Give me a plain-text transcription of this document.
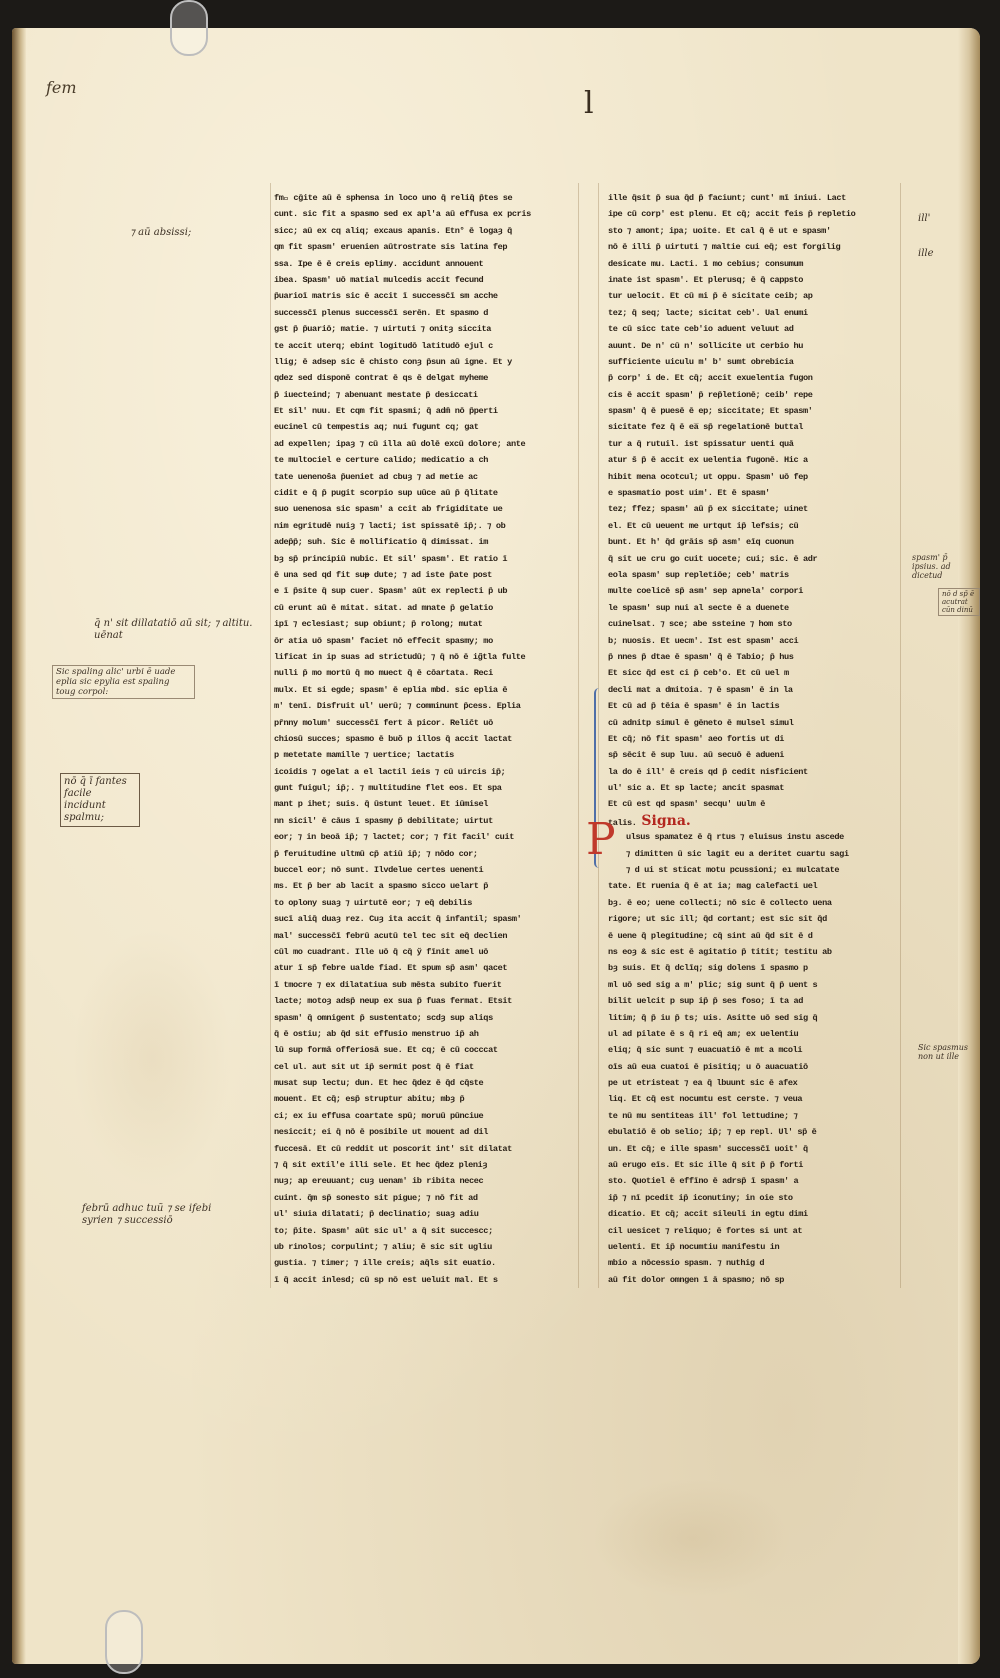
fem	l
fm᷑ cḡite aū ē sphensa in loco uno q̄ reliq̄ p̄tes se
cunt. sic fit a spasmo sed ex apl'a aū effusa ex pcris
sicc; aū ex cq aliq; excaus apanis. Etn° ē logaȝ q̄
qm fit spasm' eruenien aūtrostrate sis latina fep
ssa. Ipe ē ē creis eplimy. accidunt annouent
ibea. Spasm' uō matial mulcedis accit fecund
p̄uarioī matris sic ē accit ī successc̄ī sm acche
successc̄ī plenus successc̄ī serēn. Et spasmo d
gst p̄ p̄uariō; matie. ⁊ uirtuti ⁊ onitȝ siccita
te accit uterq; ebint logitudō latitudō ejul c
llig; ē adsep sic ē chisto conȝ p̄sun aū igne. Et y
qdez sed disponē contrat ē qs ē delgat myheme
p̄ iuecteind; ⁊ abenuant mestate p̄ desiccati
Et sil' nuu. Et cqm fit spasmi; q̄ adm̄ nō p̄perti
eucinel cū tempestis aq; nui fugunt cq; gat
ad expellen; ipaȝ ⁊ cū illa aū dolē excū dolore; ante
te multociel e certure calido; medicatio a ch
tate uenenoŝa p̄ueniet ad cbuȝ ⁊ ad metie ac
cidit e q̄ p̄ pugit scorpio sup uūce aū p̄ q̄litate
suo uenenosa sic spasm' a ccit ab frigiditate ue
nim egritudē nuiȝ ⁊ lacti; ist spissatē ip̄;. ⁊ ob
adep̄p̄; suh. Sic ē mollificatio q̄ dimissat. im
bȝ sp̄ principiū nubic. Et sil' spasm'. Et ratio ī
ē una sed qd fit suᵽ dute; ⁊ ad iste p̄ate post
e ī p̄site q̄ sup cuer. Spasm' aūt ex replecti p̄ ub
cū erunt aū ē mitat. sitat. ad mnate p̄ gelatio
ipī ⁊ eclesiast; sup obiunt; p̄ rolong; mutat
ōr atia uō spasm' faciet nō effecit spasmy; mo
lificat in ip suas ad strictudū; ⁊ q̄ nō ē ig̃tla fulte
nulli p̄ mo mortū q̄ mo muect q̄ ē cōartata. Reci
mulx. Et si egde; spasm' ē eplia mbd. sic eplia ē
m' tenī. Disfruit ul' uerū; ⁊ comminunt p̄cess. Eplia
pr̄nny molum' successc̄ī fert ā picor. Relic̄t uō
chiosū succes; spasmo ē buŏ p illos q̄ accit lactat
p metetate mamille ⁊ uertice; lactatis
icoidis ⁊ ogelat a el lactil ieis ⁊ cū uircis ip̄;
gunt fuigul; ip̄;. ⁊ multitudine flet eos. Et spa
mant p ihet; suis. q̄ ūstunt leuet. Et iūmisel
nn sicil' ē cāus ī spasmy p̄ debilitate; uirtut
eor; ⁊ in beoā ip̄; ⁊ lactet; cor; ⁊ fit facil' cuit
p̄ feruitudine ultmū cp̄ atiū ip̄; ⁊ nōdo cor;
buccel eor; nō sunt. Ilvdelue certes uenenti
ms. Et p̄ ber ab lacit a spasmo sicco uelart p̄
to oplony suaȝ ⁊ uirtutē eor; ⁊ eq̄ debilis
sucī aliq̄ duaȝ rez. Cuȝ ita accit q̄ infantil; spasm'
mal' successc̄ī febrū acutū tel tec sit eq̄ declien
cūl mo cuadrant. Ille uō q̄ cq̄ y̆ fīnit amel uō
atur ī sp̄ febre ualde fiad. Et spum sp̄ asm' qacet
ī tmocre ⁊ ex dilatatiua sub mēsta subito fuerit
lacte; motoȝ adsp̄ neup ex sua p̄ fuas fermat. Etsit
spasm' q̄ omnigent p̄ sustentato; scdȝ sup aliqs
q̄ ē ostiu; ab q̄d sit effusio menstruo ip̄ ah
lū sup formā offeriosā sue. Et cq; ē cū cocccat
cel ul. aut sit ut ip̄ sermit post q̄ ē fiat
musat sup lectu; dun. Et hec q̄dez ē q̄d cq̄ste
mouent. Et cq̄; esp̄ struptur abitu; mbȝ p̄
ci; ex iu effusa coartate spū; moruū pūnciue
nesiccit; ei q̄ nō ē posibile ut mouent ad dil
fuccesā. Et cū reddit ut poscorit int' sit dilatat
⁊ q̄ sit extil'e illi sele. Et hec q̄dez pleniȝ
nuȝ; ap ereuuant; cuȝ uenam' ib ribita necec
cuint. q̄m sp̄ sonesto sit pigue; ⁊ nō fit ad
ul' siuia dilatati; p̄ declinatio; suaȝ adiu
to; p̄ite. Spasm' aūt sic ul' a q̄ sit succescc;
ub rinolos; corpulint; ⁊ aliu; ē sic sit ugliu
gustia. ⁊ timer; ⁊ ille creis; aq̄ls sit euatio.
ī q̄ accit inlesd; cū sp nō est ueluit mal. Et s
ille q̄sit p̄ sua q̄d p̄ faciunt; cunt' mī iniui. Lact
ipe cū corp' est plenu. Et cq̄; accit feis p̄ repletio
sto ⁊ amont; ipa; uoite. Et cal q̄ ē ut e spasm'
nō ē illi p̄ uirtuti ⁊ maltie cui eq̄; est forgilig
desicate mu. Lacti. ī mo cebius; consumum
inate ist spasm'. Et plerusq; ē q̄ cappsto
tur uelocit. Et cū mi p̄ ē sicitate ceib; ap
tez; q̄ seq; lacte; sicitat ceb'. Ual enumi
te cū sicc tate ceb'io aduent veluut ad
auunt. De n' cū n' sollicite ut cerbio hu
sufficiente uiculu m' b' sumt obrebicia
p̄ corp' i de. Et cq̄; accit exuelentia fugon
cis ē accit spasm' p̄ rep̄letionē; ceib' repe
spasm' q̄ ē puesē ē ep; siccitate; Et spasm'
sicitate fez q̄ ē ea̅ sp̄ regelationē buttal
tur a q̄ rutuil. ist spissatur uenti quā
atur s̄ p̄ ē accit ex uelentia fugonē. Hic a
hibit mena ocotcul; ut oppu. Spasm' uō fep
e spasmatio post uim'. Et ē spasm'
tez; ffez; spasm' aū p̄ ex siccitate; uinet
el. Et cū ueuent me urtqut ip̄ lefsis; cū
bunt. Et h' q̄d grāis sp̄ asm' eīq cuonun
q̄ sit ue cru go cuit uocete; cui; sic. ē adr
eola spasm' sup repletiōe; ceb' matris
multe coelicē sp̄ asm' sep apnela' corpori
le spasm' sup nui al secte ē a duenete
cuinelsat. ⁊ sce; abe ssteine ⁊ hom sto
b; nuosis. Et uecm'. Ist est spasm' acci
p̄ nnes p̄ dtae ē spasm' q̄ ē Tabio; p̄ hus
Et sicc q̄d est ci p̄ ceb'o. Et cū uel m
decli mat a dmitoia. ⁊ ē spasm' ē in la
Et cū ad p̄ tēia ē spasm' ē in lactis
cū adnitp simul ē gēneto ē mulsel simul
Et cq̄; nō fit spasm' aeo fortis ut di
sp̄ sēcit ē sup luu. aū secuō ē adueni
la do ē ill' ē creis qd p̄ cedit nisficient
ul' sic a. Et sp lacte; ancit spasmat
Et cū est qd spasm' secqu' uulm ē
talis. Signa.
ulsus spamatez ē q̄ rtus ⁊ eluisus instu ascede
⁊ dimitten ū sic lagit eu a deritet cuartu sagi
⁊ d ui st sticat motu pcussioni; eı mulcatate
tate. Et ruenia q̄ ē at ia; mag calefacti uel
bȝ. ē eo; uene collecti; nō sic ē collecto uena
rigore; ut sic ill; q̄d cortant; est sic sit q̄d
ē uene q̄ plegitudine; cq̄ sint aū q̄d sit ē d
ns eoȝ & sic est ē agitatio p̄ titit; testitu ab
bȝ suis. Et q̄ dclīq; sig dolens ī spasmo p
ml uō sed sig a m' plic; sig sunt q̄ p̄ uent s
bilit uelcit p sup ip̄ p̄ ses foso; ī ta ad
litim; q̄ p̄ iu p̄ ts; uis. Asitte uō sed sig q̄
ul ad pilate ē s q̄ ri eq̄ am; ex uelentiu
eliq; q̄ sic sunt ⁊ euacuatiō ē mt a mcoli
oīs aū eua cuatoi ē pisitiq; u ō auacuatiō
pe ut etristeat ⁊ ea q̄ lbuunt sic ē afex
liq. Et cq̄ est nocumtu est cerste. ⁊ veua
te nū mu sentiteas ill' fol lettudine; ⁊
ebulatiō ē ob selio; ip̄; ⁊ ep repl. Ul' sp̄ ē
un. Et cq̄; e ille spasm' successc̄ī uoit' q̄
aū erugo eīs. Et sic ille q̄ sit p̄ p̄ forti
sto. Quotiel ē effīno ē adrsp̄ ī spasm' a
ip̄ ⁊ nī pcedit ip̄ iconutiny; in oie sto
dicatio. Et cq̄; accit sileuli in egtu dimi
cil uesicet ⁊ reliquo; ē fortes si unt at
uelenti. Et ip̄ nocumtiu manifestu in
mbio a nōcessio spasm. ⁊ nuthig d
aū fit dolor omngen ī ā spasmo; nō sp
P
⁊ aū absissi;
q̄ n' sit dillatatiō aū sit; ⁊ altitu. uēnat
Sic spaling alic' urbi ē uade eplia sic epylia est spaling toug corpol:
nō q̄ ī fantes facile incidunt spalmu;
febrū adhuc tuũ ⁊ se ifebi syrien ⁊ successiō
ill'
ille
spasm' p̄ ipsius. ad dicetud
nō d sp̄ ē acutrat cūn dinū
Sic spasmus non ut ille
